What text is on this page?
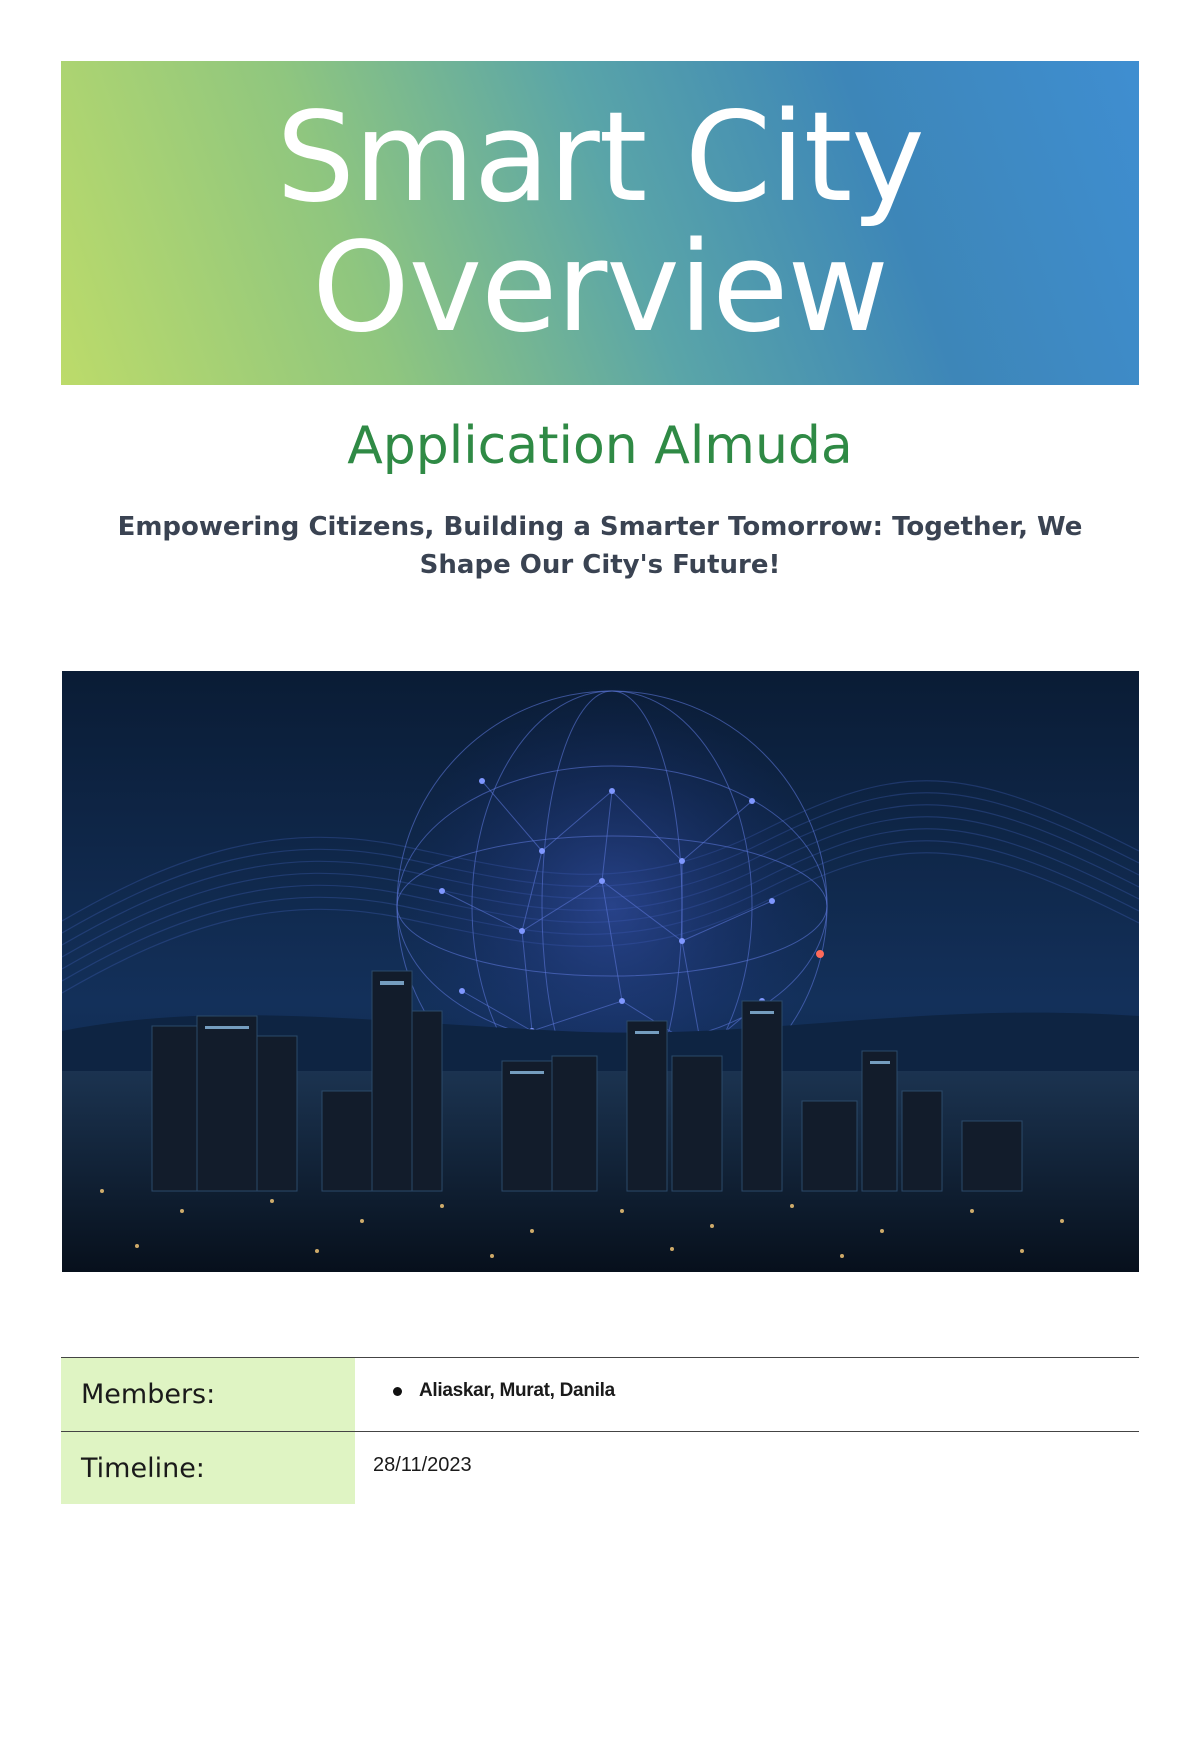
Smart City
Overview
Application Almuda
Empowering Citizens, Building a Smarter Tomorrow: Together, We Shape Our City's Future!
Members:	Aliaskar, Murat, Danila
Timeline:	28/11/2023
